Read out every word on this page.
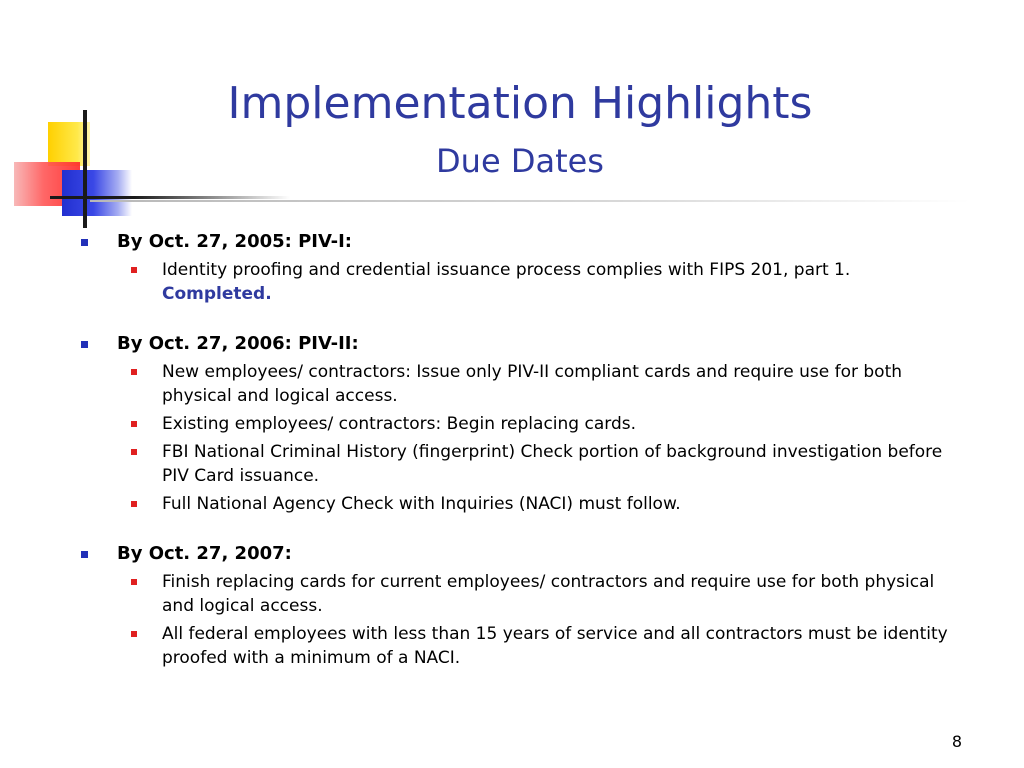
Implementation Highlights
Due Dates
By Oct. 27, 2005: PIV-I:
Identity proofing and credential issuance process complies with FIPS 201, part 1. Completed.
By Oct. 27, 2006: PIV-II:
New employees/ contractors: Issue only PIV-II compliant cards and require use for both physical and logical access.
Existing employees/ contractors: Begin replacing cards.
FBI National Criminal History (fingerprint) Check portion of background investigation before PIV Card issuance.
Full National Agency Check with Inquiries (NACI) must follow.
By Oct. 27, 2007:
Finish replacing cards for current employees/ contractors and require use for both physical and logical access.
All federal employees with less than 15 years of service and all contractors must be identity proofed with a minimum of a NACI.
8
